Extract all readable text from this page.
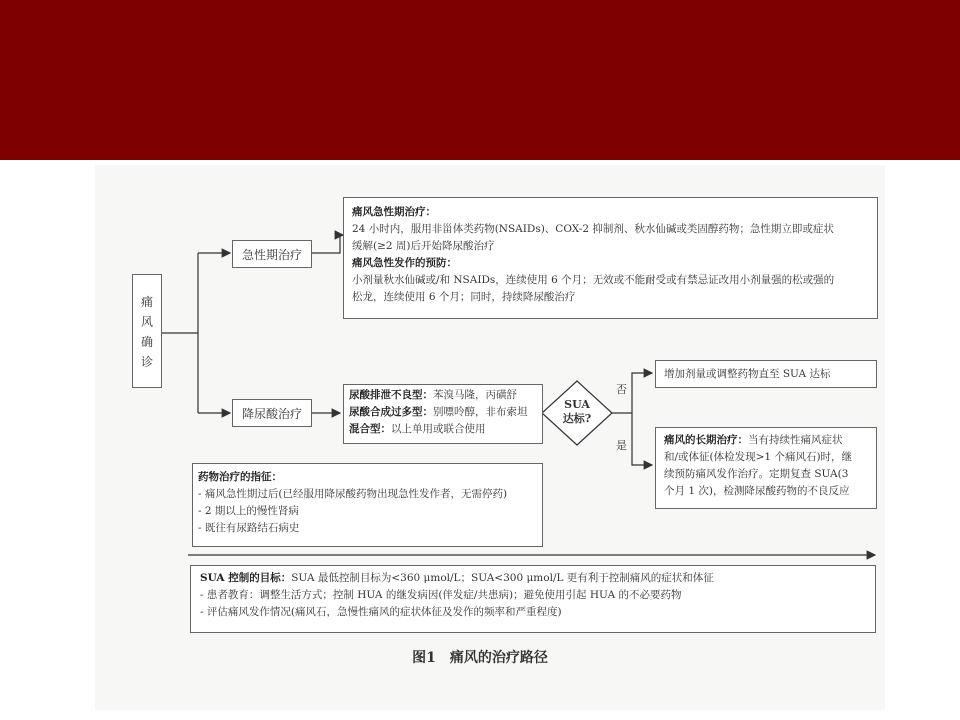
痛
风
确
诊
急性期治疗
痛风急性期治疗：
24 小时内，服用非甾体类药物(NSAIDs)、COX-2 抑制剂、秋水仙碱或类固醇药物；急性期立即或症状
缓解(≥2 周)后开始降尿酸治疗
痛风急性发作的预防：
小剂量秋水仙碱或/和 NSAIDs，连续使用 6 个月；无效或不能耐受或有禁忌证改用小剂量强的松或强的
松龙，连续使用 6 个月；同时，持续降尿酸治疗
降尿酸治疗
尿酸排泄不良型：苯溴马隆，丙磺舒
尿酸合成过多型：别嘌呤醇，非布索坦
混合型：以上单用或联合使用
SUA
达标?
否
是
增加剂量或调整药物直至 SUA 达标
痛风的长期治疗：当有持续性痛风症状
和/或体征(体检发现>1 个痛风石)时，继
续预防痛风发作治疗。定期复查 SUA(3
个月 1 次)，检测降尿酸药物的不良反应
药物治疗的指征：
- 痛风急性期过后(已经服用降尿酸药物出现急性发作者，无需停药)
- 2 期以上的慢性肾病
- 既往有尿路结石病史
SUA 控制的目标：SUA 最低控制目标为<360 μmol/L；SUA<300 μmol/L 更有利于控制痛风的症状和体征
- 患者教育：调整生活方式；控制 HUA 的继发病因(伴发症/共患病)；避免使用引起 HUA 的不必要药物
- 评估痛风发作情况(痛风石，急慢性痛风的症状体征及发作的频率和严重程度)
图1　痛风的治疗路径
